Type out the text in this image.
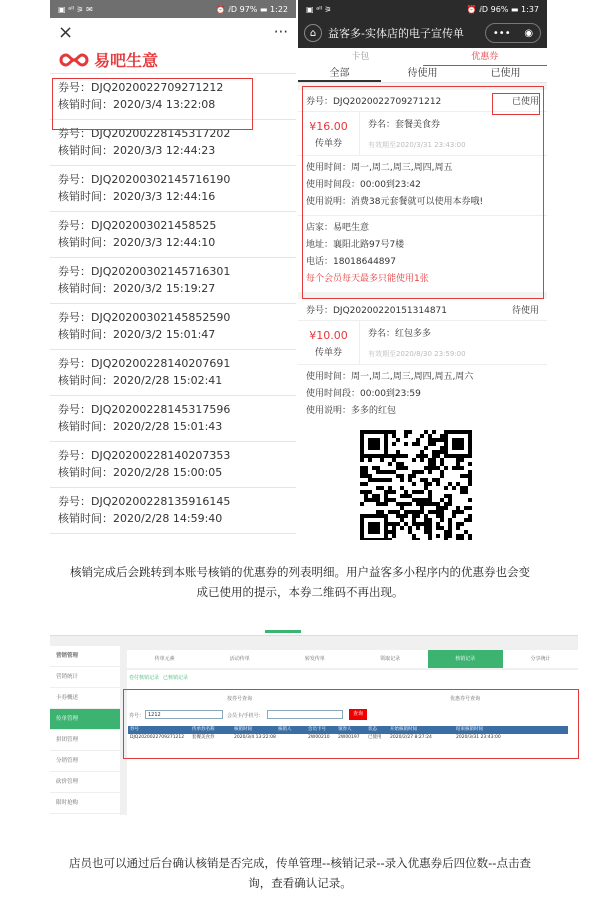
▣ ᵃˡˡ ⚞ ✉	⏰ ⅈD 97% ▬ 1:22
×	···
易吧生意
券号：DJQ2020022709271212
核销时间：2020/3/4 13:22:08
券号：DJQ20200228145317202
核销时间：2020/3/3 12:44:23
券号：DJQ20200302145716190
核销时间：2020/3/3 12:44:16
券号：DJQ202003021458525
核销时间：2020/3/3 12:44:10
券号：DJQ20200302145716301
核销时间：2020/3/2 15:19:27
券号：DJQ20200302145852590
核销时间：2020/3/2 15:01:47
券号：DJQ20200228140207691
核销时间：2020/2/28 15:02:41
券号：DJQ20200228145317596
核销时间：2020/2/28 15:01:43
券号：DJQ20200228140207353
核销时间：2020/2/28 15:00:05
券号：DJQ20200228135916145
核销时间：2020/2/28 14:59:40
▣ ᵃˡˡ ⚞	⏰ ⅈD 96% ▬ 1:37
⌂	益客多-实体店的电子宣传单	••• ◉
卡包	优惠券
全部	待使用	已使用
券号：DJQ2020022709271212	已使用
¥16.00
传单券
券名：套餐美食券
有效期至2020/3/31 23:43:00
使用时间：周一,周二,周三,周四,周五
使用时间段：00:00到23:42
使用说明：消费38元套餐就可以使用本券哦!
店家：易吧生意
地址：襄阳北路97号7楼
电话：18018644897
每个会员每天最多只能使用1张
券号：DJQ20200220151314871	待使用
¥10.00
传单券
券名：红包多多
有效期至2020/8/30 23:59:00
使用时间：周一,周二,周三,周四,周五,周六
使用时间段：00:00到23:59
使用说明：多多的红包
核销完成后会跳转到本账号核销的优惠券的列表明细。用户益客多小程序内的优惠券也会变
成已使用的提示，本券二维码不再出现。
营销管理
营销统计
卡券概述
传单管理
拼团管理
分销管理
砍价管理
限时抢购
传单元素	活动传单	转发传单	领取记录	核销记录	分享统计
卷付核销记录 已核销记录
按券号查询	优惠券号查询
券号： 1212	会员卡/手机号：	查询
券号	传单券名称	核销时间	核销人	会员卡号	领券人	状态	开始核销时间	结束核销时间
DJQ2020022709271212	套餐美食券	2020/3/4 13:22:08	2W00210	2W00197	已使用	2020/2/27 8:27:24	2020/3/31 23:43:00
店员也可以通过后台确认核销是否完成，传单管理--核销记录--录入优惠券后四位数--点击查
询，查看确认记录。
